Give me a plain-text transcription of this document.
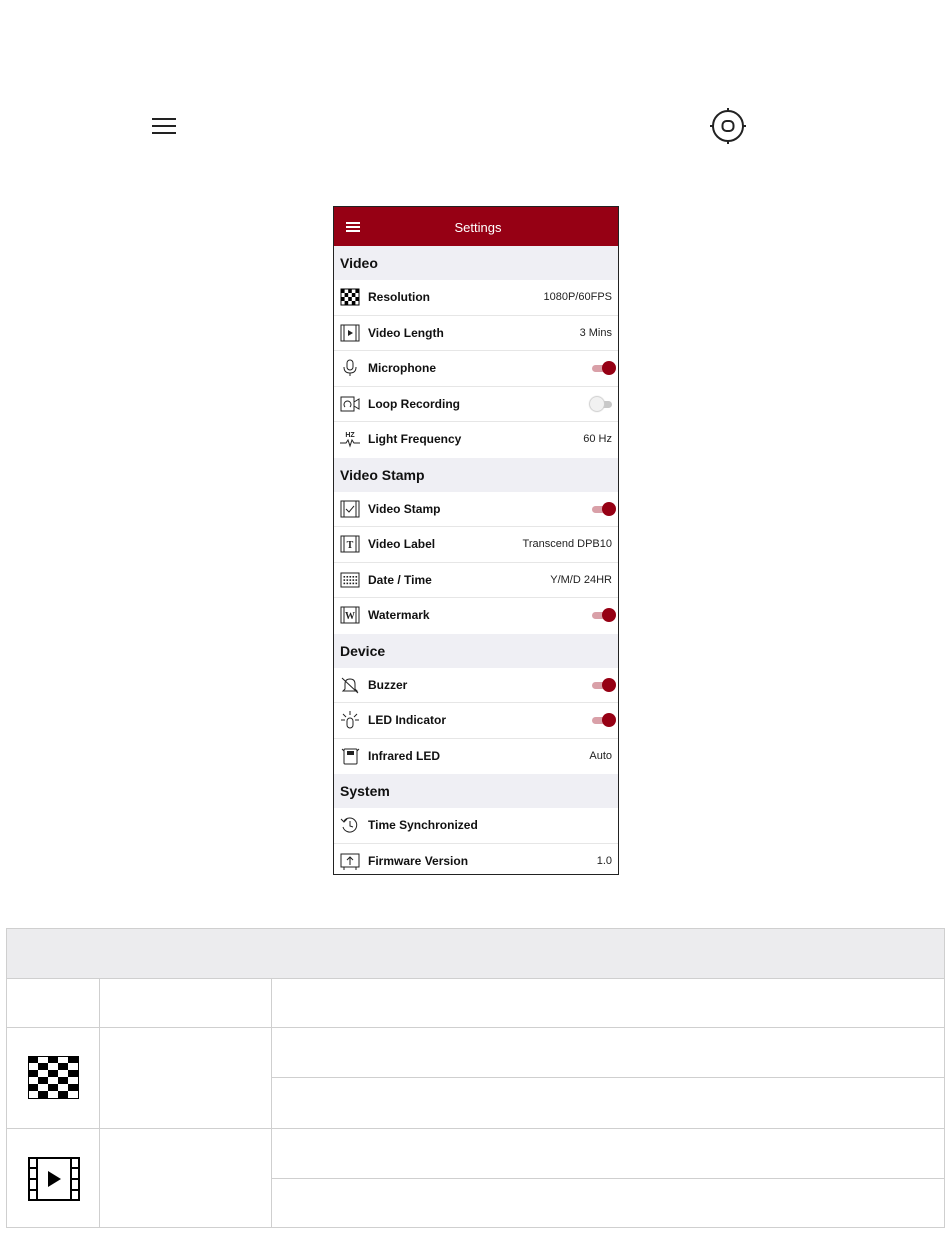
Settings
Video
Resolution	1080P/60FPS
Video Length	3 Mins
Microphone
Loop Recording
HZ Light Frequency	60 Hz
Video Stamp
Video Stamp
T Video Label	Transcend DPB10
Date / Time	Y/M/D 24HR
W Watermark
Device
Buzzer
LED Indicator
Infrared LED	Auto
System
Time Synchronized
Firmware Version	1.0
